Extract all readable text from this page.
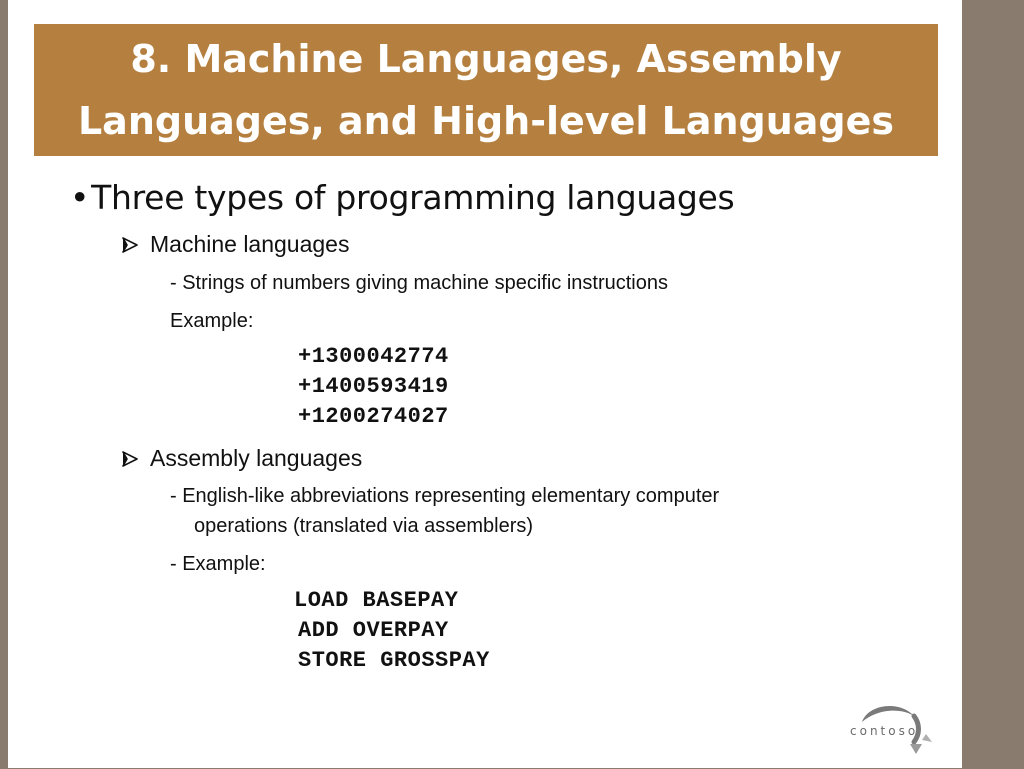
8. Machine Languages, Assembly Languages, and High-level Languages
•Three types of programming languages
Machine languages
- Strings of numbers giving machine specific instructions
Example:
+1300042774
+1400593419
+1200274027
Assembly languages
- English-like abbreviations representing elementary computer
operations (translated via assemblers)
- Example:
LOAD BASEPAY
ADD OVERPAY
STORE GROSSPAY
contoso
